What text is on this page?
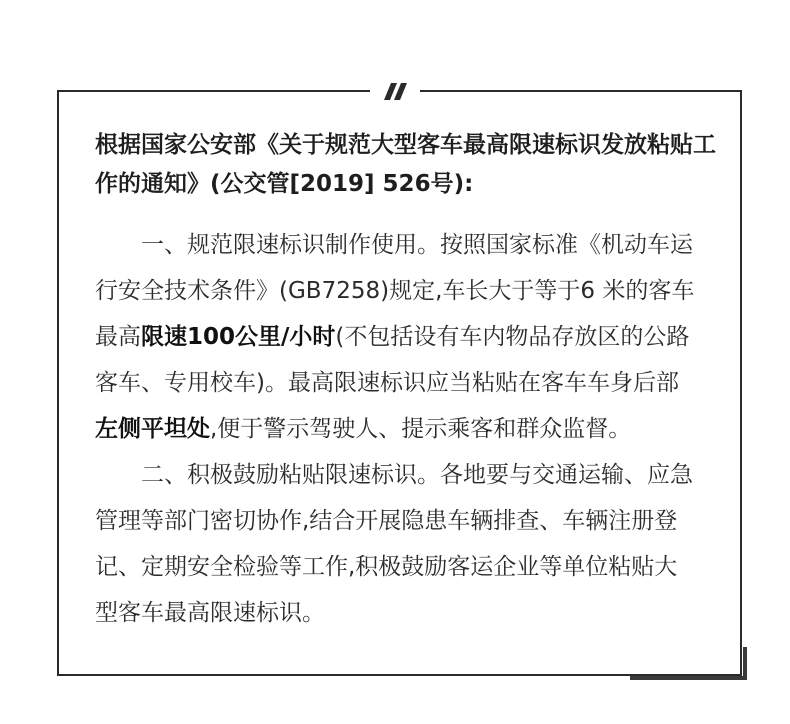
根据国家公安部《关于规范大型客车最高限速标识发放粘贴工作的通知》(公交管[2019] 526号):

一、规范限速标识制作使用。按照国家标准《机动车运行安全技术条件》(GB7258)规定,车长大于等于6 米的客车最高限速100公里/小时(不包括设有车内物品存放区的公路客车、专用校车)。最高限速标识应当粘贴在客车车身后部左侧平坦处,便于警示驾驶人、提示乘客和群众监督。

二、积极鼓励粘贴限速标识。各地要与交通运输、应急管理等部门密切协作,结合开展隐患车辆排查、车辆注册登记、定期安全检验等工作,积极鼓励客运企业等单位粘贴大型客车最高限速标识。
